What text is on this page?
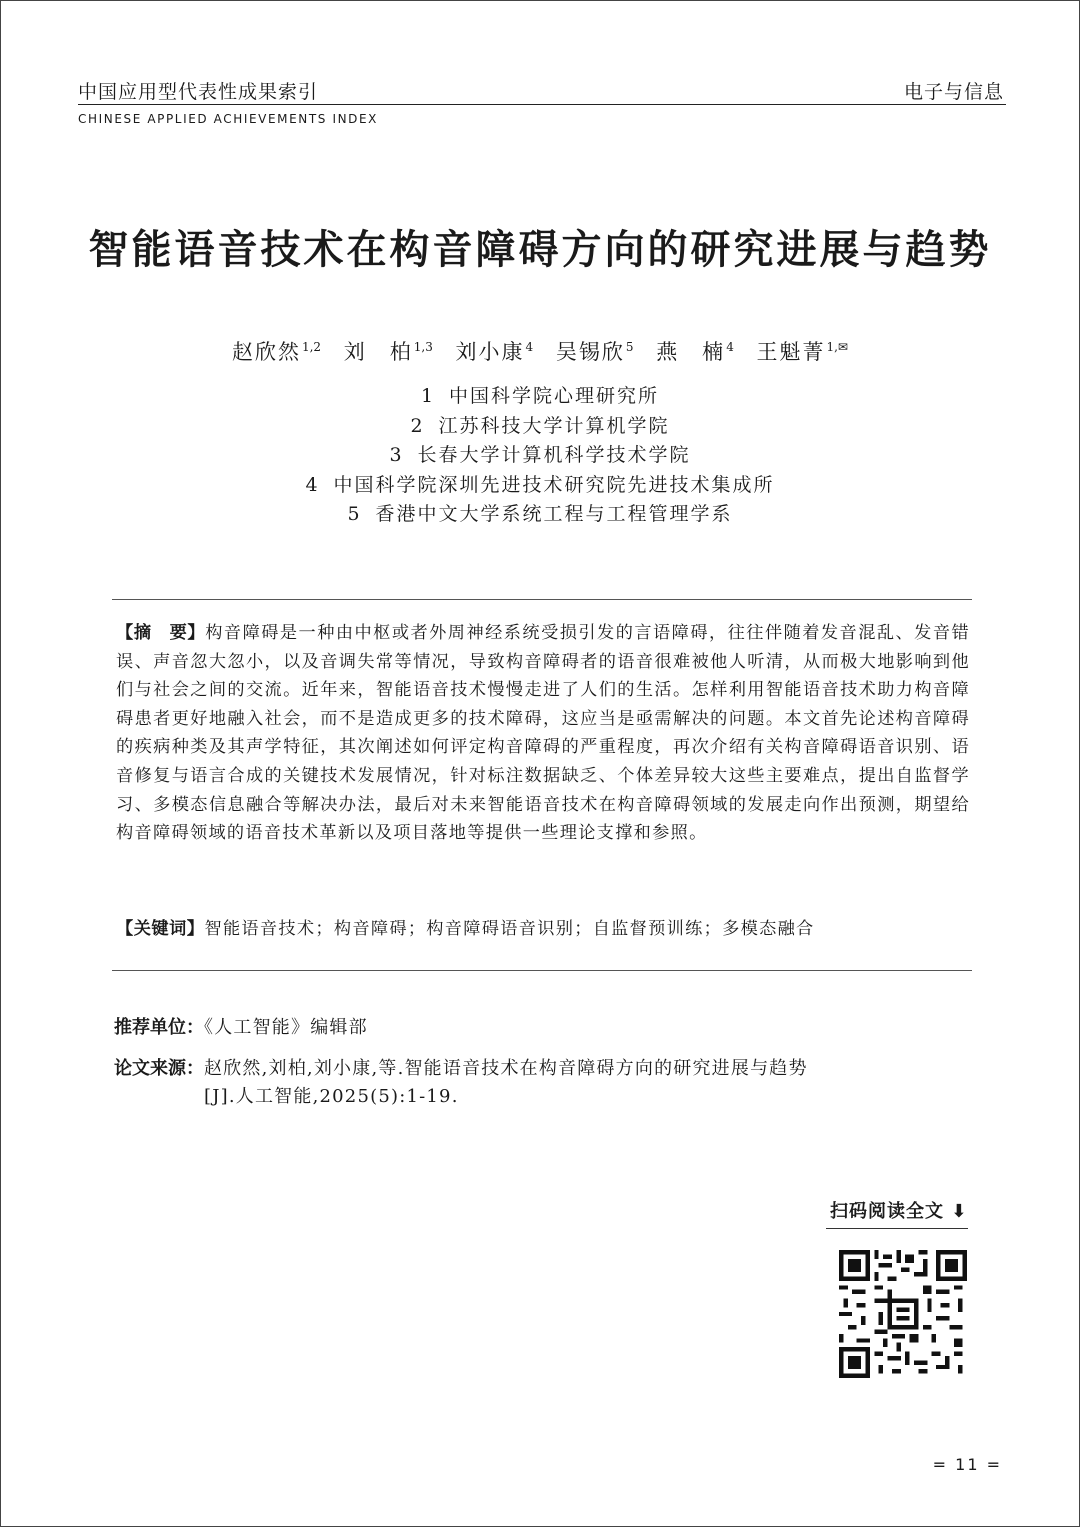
中国应用型代表性成果索引	电子与信息
CHINESE APPLIED ACHIEVEMENTS INDEX
智能语音技术在构音障碍方向的研究进展与趋势
赵欣然$^{1,2}$ 刘　柏$^{1,3}$ 刘小康$^4$ 吴锡欣$^5$ 燕　楠$^4$ 王魁菁$^{1,✉}$
1 中国科学院心理研究所
2 江苏科技大学计算机学院
3 长春大学计算机科学技术学院
4 中国科学院深圳先进技术研究院先进技术集成所
5 香港中文大学系统工程与工程管理学系
【摘　要】构音障碍是一种由中枢或者外周神经系统受损引发的言语障碍，往往伴随着发音混乱、发音错误、声音忽大忽小，以及音调失常等情况，导致构音障碍者的语音很难被他人听清，从而极大地影响到他们与社会之间的交流。近年来，智能语音技术慢慢走进了人们的生活。怎样利用智能语音技术助力构音障碍患者更好地融入社会，而不是造成更多的技术障碍，这应当是亟需解决的问题。本文首先论述构音障碍的疾病种类及其声学特征，其次阐述如何评定构音障碍的严重程度，再次介绍有关构音障碍语音识别、语音修复与语言合成的关键技术发展情况，针对标注数据缺乏、个体差异较大这些主要难点，提出自监督学习、多模态信息融合等解决办法，最后对未来智能语音技术在构音障碍领域的发展走向作出预测，期望给构音障碍领域的语音技术革新以及项目落地等提供一些理论支撑和参照。
【关键词】智能语音技术；构音障碍；构音障碍语音识别；自监督预训练；多模态融合
推荐单位：《人工智能》编辑部
论文来源： 赵欣然,刘柏,刘小康,等.智能语音技术在构音障碍方向的研究进展与趋势
[J].人工智能,2025(5):1-19.
扫码阅读全文 ⬇
= 11 =
